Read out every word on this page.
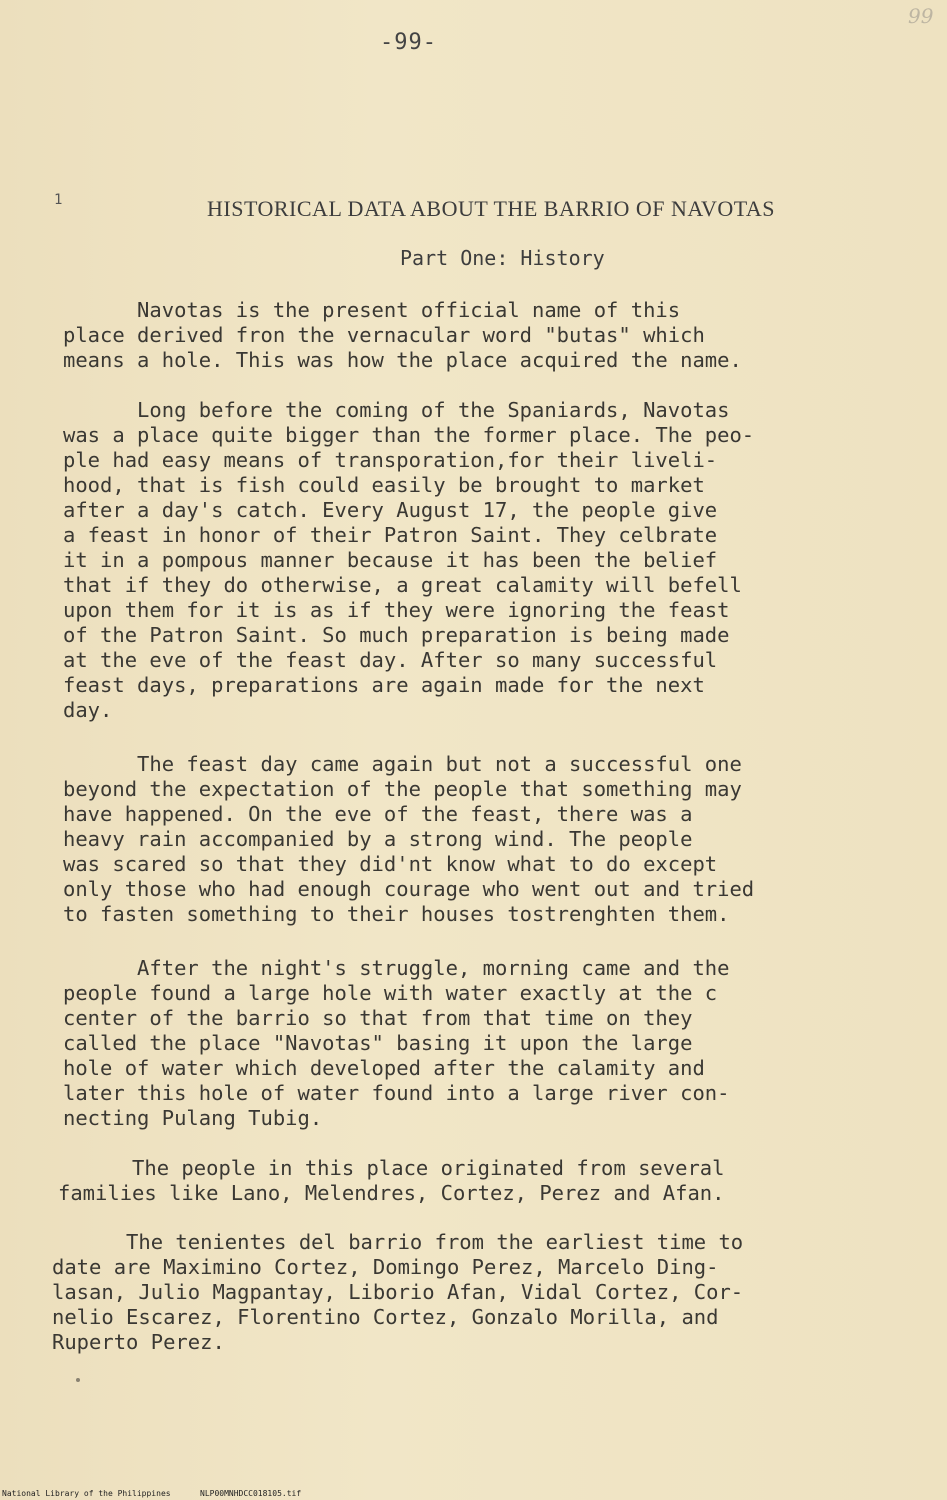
-99-
99
1	HISTORICAL DATA ABOUT THE BARRIO OF NAVOTAS
Part One: History
Navotas is the present official name of this
place derived fron the vernacular word "butas" which
means a hole. This was how the place acquired the name.
Long before the coming of the Spaniards, Navotas
was a place quite bigger than the former place. The peo-
ple had easy means of transporation,for their liveli-
hood, that is fish could easily be brought to market
after a day's catch. Every August 17, the people give
a feast in honor of their Patron Saint. They celbrate
it in a pompous manner because it has been the belief
that if they do otherwise, a great calamity will befell
upon them for it is as if they were ignoring the feast
of the Patron Saint. So much preparation is being made
at the eve of the feast day. After so many successful
feast days, preparations are again made for the next
day.
The feast day came again but not a successful one
beyond the expectation of the people that something may
have happened. On the eve of the feast, there was a
heavy rain accompanied by a strong wind. The people
was scared so that they did'nt know what to do except
only those who had enough courage who went out and tried
to fasten something to their houses tostrenghten them.
After the night's struggle, morning came and the
people found a large hole with water exactly at the c
center of the barrio so that from that time on they
called the place "Navotas" basing it upon the large
hole of water which developed after the calamity and
later this hole of water found into a large river con-
necting Pulang Tubig.
The people in this place originated from several
families like Lano, Melendres, Cortez, Perez and Afan.
The tenientes del barrio from the earliest time to
date are Maximino Cortez, Domingo Perez, Marcelo Ding-
lasan, Julio Magpantay, Liborio Afan, Vidal Cortez, Cor-
nelio Escarez, Florentino Cortez, Gonzalo Morilla, and
Ruperto Perez.
National Library of the Philippines	NLP00MNHDCC018105.tif
